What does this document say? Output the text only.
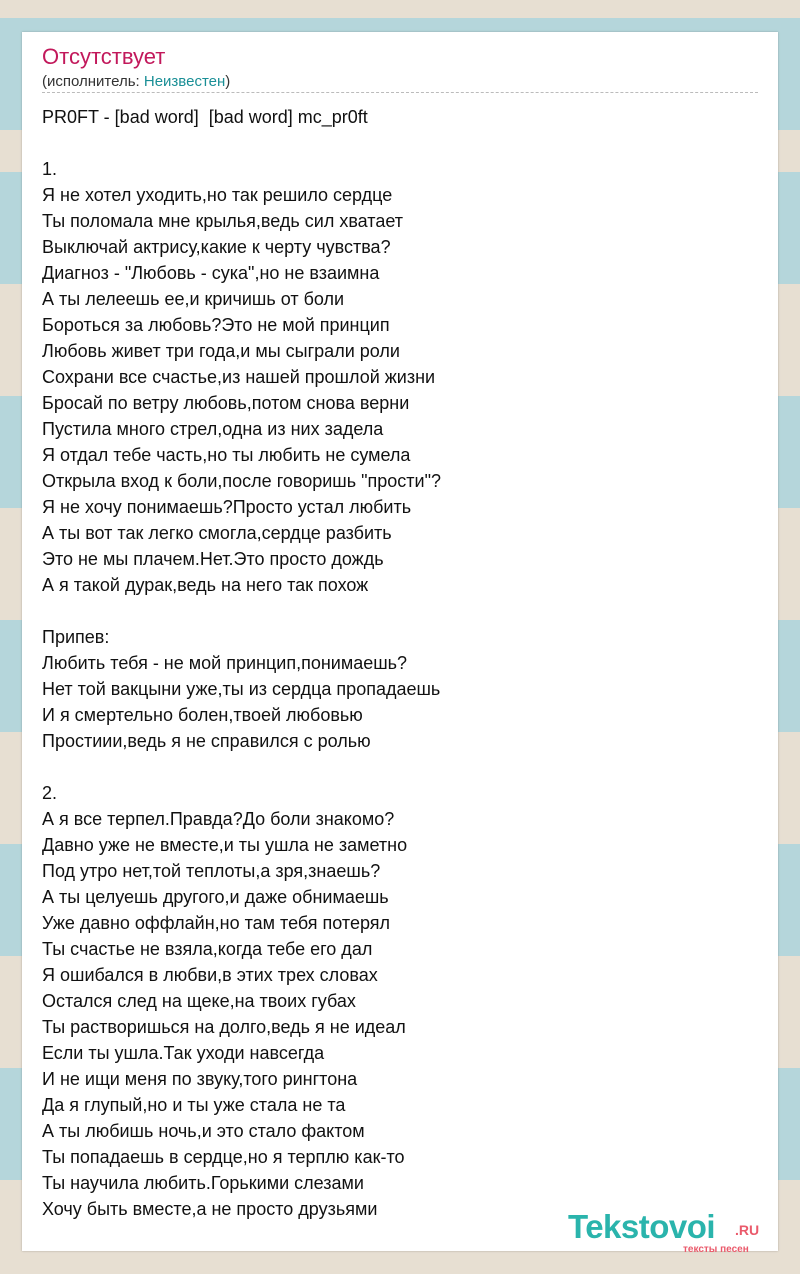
Отсутствует
(исполнитель: Неизвестен)
PR0FT - [bad word]  [bad word] mc_pr0ft
1.
Я не хотел уходить,но так решило сердце
Ты поломала мне крылья,ведь сил хватает
Выключай актрису,какие к черту чувства?
Диагноз - "Любовь - сука",но не взаимна
А ты лелеешь ее,и кричишь от боли
Бороться за любовь?Это не мой принцип
Любовь живет три года,и мы сыграли роли
Сохрани все счастье,из нашей прошлой жизни
Бросай по ветру любовь,потом снова верни
Пустила много стрел,одна из них задела
Я отдал тебе часть,но ты любить не сумела
Открыла вход к боли,после говоришь "прости"?
Я не хочу понимаешь?Просто устал любить
А ты вот так легко смогла,сердце разбить
Это не мы плачем.Нет.Это просто дождь
А я такой дурак,ведь на него так похож
Припев:
Любить тебя - не мой принцип,понимаешь?
Нет той вакцыни уже,ты из сердца пропадаешь
И я смертельно болен,твоей любовью
Простиии,ведь я не справился с ролью
2.
А я все терпел.Правда?До боли знакомо?
Давно уже не вместе,и ты ушла не заметно
Под утро нет,той теплоты,а зря,знаешь?
А ты целуешь другого,и даже обнимаешь
Уже давно оффлайн,но там тебя потерял
Ты счастье не взяла,когда тебе его дал
Я ошибался в любви,в этих трех словах
Остался след на щеке,на твоих губах
Ты растворишься на долго,ведь я не идеал
Если ты ушла.Так уходи навсегда
И не ищи меня по звуку,того рингтона
Да я глупый,но и ты уже стала не та
А ты любишь ночь,и это стало фактом
Ты попадаешь в сердце,но я терплю как-то
Ты научила любить.Горькими слезами
Хочу быть вместе,а не просто друзьями	Tekstovoi .RU
тексты песен
